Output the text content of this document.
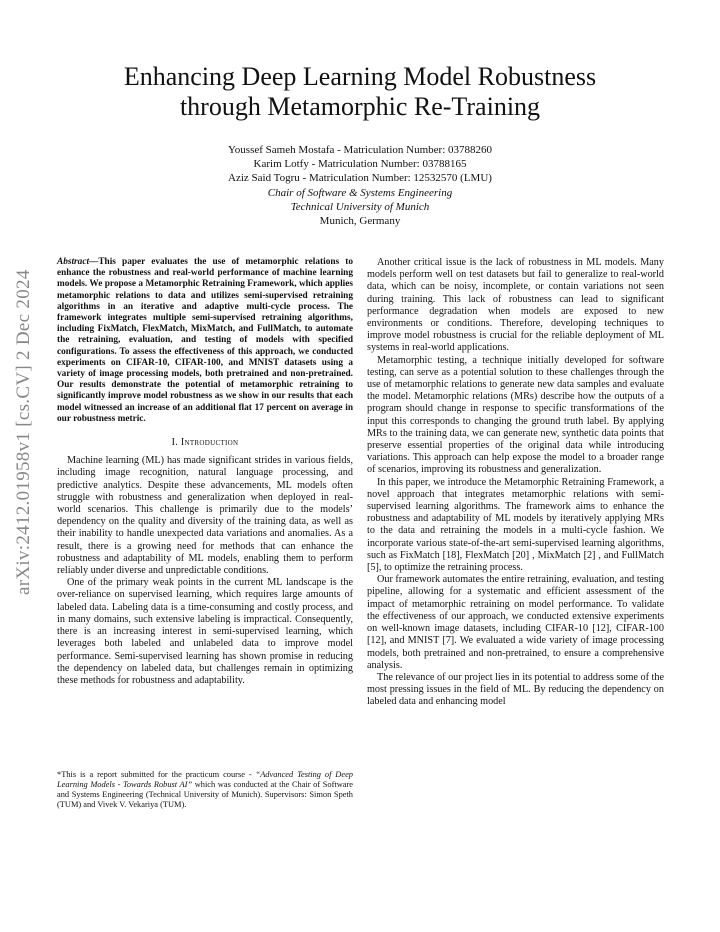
Enhancing Deep Learning Model Robustness
through Metamorphic Re-Training
Youssef Sameh Mostafa - Matriculation Number: 03788260
Karim Lotfy - Matriculation Number: 03788165
Aziz Said Togru - Matriculation Number: 12532570 (LMU)
Chair of Software & Systems Engineering
Technical University of Munich
Munich, Germany
arXiv:2412.01958v1 [cs.CV] 2 Dec 2024
Abstract—This paper evaluates the use of metamorphic relations to enhance the robustness and real-world performance of machine learning models. We propose a Metamorphic Retraining Framework, which applies metamorphic relations to data and utilizes semi-supervised retraining algorithms in an iterative and adaptive multi-cycle process. The framework integrates multiple semi-supervised retraining algorithms, including FixMatch, FlexMatch, MixMatch, and FullMatch, to automate the retraining, evaluation, and testing of models with specified configurations. To assess the effectiveness of this approach, we conducted experiments on CIFAR-10, CIFAR-100, and MNIST datasets using a variety of image processing models, both pretrained and non-pretrained. Our results demonstrate the potential of metamorphic retraining to significantly improve model robustness as we show in our results that each model witnessed an increase of an additional flat 17 percent on average in our robustness metric.
I. Introduction

Machine learning (ML) has made significant strides in various fields, including image recognition, natural language processing, and predictive analytics. Despite these advancements, ML models often struggle with robustness and generalization when deployed in real-world scenarios. This challenge is primarily due to the models’ dependency on the quality and diversity of the training data, as well as their inability to handle unexpected data variations and anomalies. As a result, there is a growing need for methods that can enhance the robustness and adaptability of ML models, enabling them to perform reliably under diverse and unpredictable conditions.

One of the primary weak points in the current ML landscape is the over-reliance on supervised learning, which requires large amounts of labeled data. Labeling data is a time-consuming and costly process, and in many domains, such extensive labeling is impractical. Consequently, there is an increasing interest in semi-supervised learning, which leverages both labeled and unlabeled data to improve model performance. Semi-supervised learning has shown promise in reducing the dependency on labeled data, but challenges remain in optimizing these methods for robustness and adaptability.

Another critical issue is the lack of robustness in ML models. Many models perform well on test datasets but fail to generalize to real-world data, which can be noisy, incomplete, or contain variations not seen during training. This lack of robustness can lead to significant performance degradation when models are exposed to new environments or conditions. Therefore, developing techniques to improve model robustness is crucial for the reliable deployment of ML systems in real-world applications.

Metamorphic testing, a technique initially developed for software testing, can serve as a potential solution to these challenges through the use of metamorphic relations to generate new data samples and evaluate the model. Metamorphic relations (MRs) describe how the outputs of a program should change in response to specific transformations of the input this corresponds to changing the ground truth label. By applying MRs to the training data, we can generate new, synthetic data points that preserve essential properties of the original data while introducing variations. This approach can help expose the model to a broader range of scenarios, improving its robustness and generalization.

In this paper, we introduce the Metamorphic Retraining Framework, a novel approach that integrates metamorphic relations with semi-supervised learning algorithms. The framework aims to enhance the robustness and adaptability of ML models by iteratively applying MRs to the data and retraining the models in a multi-cycle fashion. We incorporate various state-of-the-art semi-supervised learning algorithms, such as FixMatch [18], FlexMatch [20] , MixMatch [2] , and FullMatch [5], to optimize the retraining process.

Our framework automates the entire retraining, evaluation, and testing pipeline, allowing for a systematic and efficient assessment of the impact of metamorphic retraining on model performance. To validate the effectiveness of our approach, we conducted extensive experiments on well-known image datasets, including CIFAR-10 [12], CIFAR-100 [12], and MNIST [7]. We evaluated a wide variety of image processing models, both pretrained and non-pretrained, to ensure a comprehensive analysis.

The relevance of our project lies in its potential to address some of the most pressing issues in the field of ML. By reducing the dependency on labeled data and enhancing model

*This is a report submitted for the practicum course - “Advanced Testing of Deep Learning Models - Towards Robust AI” which was conducted at the Chair of Software and Systems Engineering (Technical University of Munich). Supervisors: Simon Speth (TUM) and Vivek V. Vekariya (TUM).
